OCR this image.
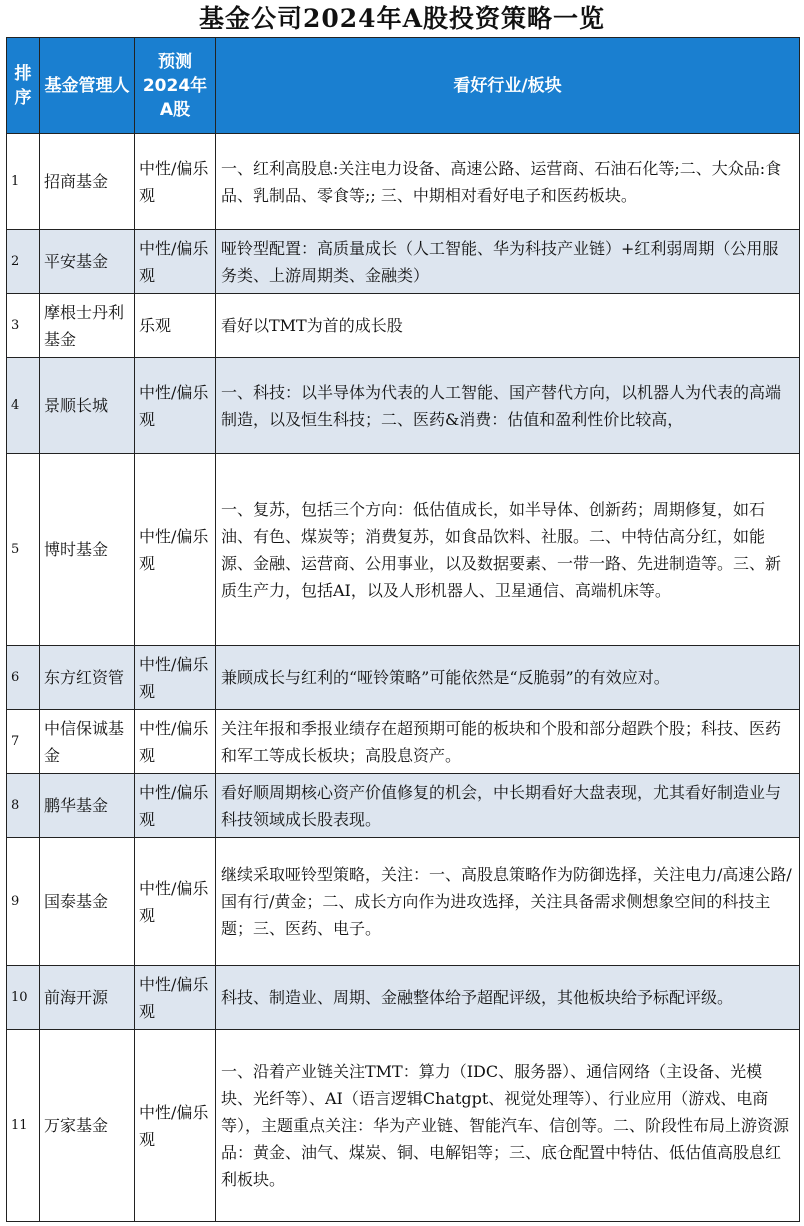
基金公司2024年A股投资策略一览
排序	基金管理人	预测2024年A股	看好行业/板块
1	招商基金	中性/偏乐观	一、红利高股息:关注电力设备、高速公路、运营商、石油石化等;二、大众品:食品、乳制品、零食等;; 三、中期相对看好电子和医药板块。
2	平安基金	中性/偏乐观	哑铃型配置：高质量成长（人工智能、华为科技产业链）+红利弱周期（公用服务类、上游周期类、金融类）
3	摩根士丹利基金	乐观	看好以TMT为首的成长股
4	景顺长城	中性/偏乐观	一、科技：以半导体为代表的人工智能、国产替代方向，以机器人为代表的高端制造，以及恒生科技；二、医药&消费：估值和盈利性价比较高，
5	博时基金	中性/偏乐观	一、复苏，包括三个方向：低估值成长，如半导体、创新药；周期修复，如石油、有色、煤炭等；消费复苏，如食品饮料、社服。二、中特估高分红，如能源、金融、运营商、公用事业，以及数据要素、一带一路、先进制造等。三、新质生产力，包括AI，以及人形机器人、卫星通信、高端机床等。
6	东方红资管	中性/偏乐观	兼顾成长与红利的“哑铃策略”可能依然是“反脆弱”的有效应对。
7	中信保诚基金	中性/偏乐观	关注年报和季报业绩存在超预期可能的板块和个股和部分超跌个股；科技、医药和军工等成长板块；高股息资产。
8	鹏华基金	中性/偏乐观	看好顺周期核心资产价值修复的机会，中长期看好大盘表现，尤其看好制造业与科技领域成长股表现。
9	国泰基金	中性/偏乐观	继续采取哑铃型策略，关注：一、高股息策略作为防御选择，关注电力/高速公路/国有行/黄金；二、成长方向作为进攻选择，关注具备需求侧想象空间的科技主题；三、医药、电子。
10	前海开源	中性/偏乐观	科技、制造业、周期、金融整体给予超配评级，其他板块给予标配评级。
11	万家基金	中性/偏乐观	一、沿着产业链关注TMT：算力（IDC、服务器）、通信网络（主设备、光模块、光纤等）、AI（语言逻辑Chatgpt、视觉处理等）、行业应用（游戏、电商等），主题重点关注：华为产业链、智能汽车、信创等。二、阶段性布局上游资源品：黄金、油气、煤炭、铜、电解铝等；三、底仓配置中特估、低估值高股息红利板块。
